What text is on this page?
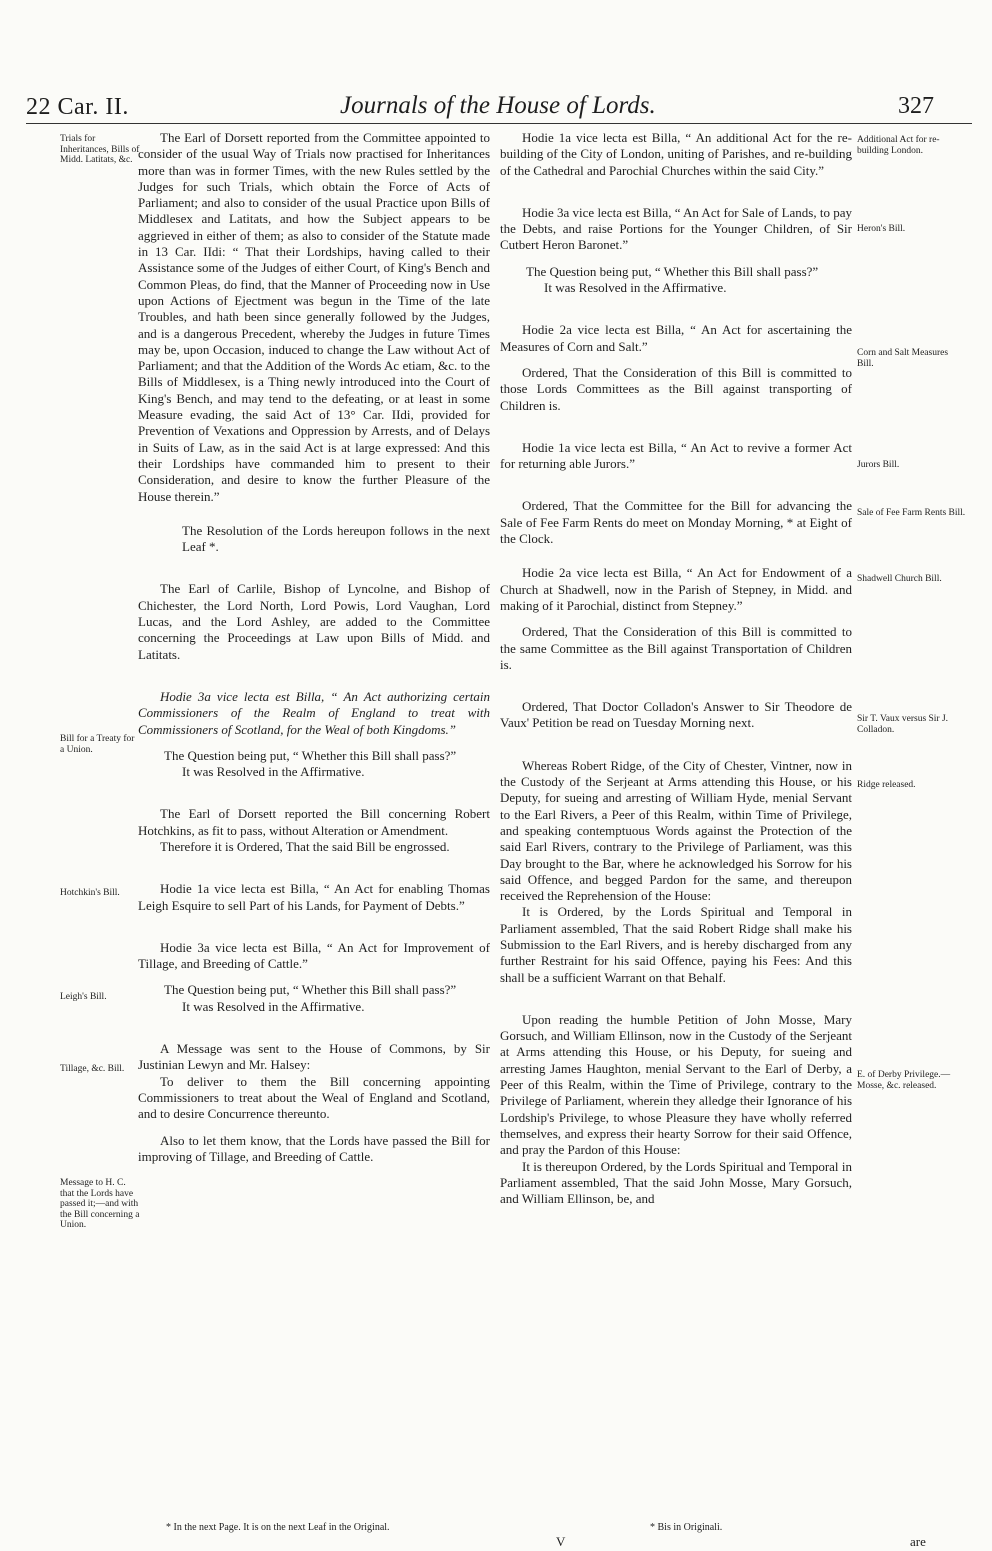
22 Car. II.	Journals of the House of Lords.	327

The Earl of Dorsett reported from the Committee appointed to consider of the usual Way of Trials now practised for Inheritances more than was in former Times, with the new Rules settled by the Judges for such Trials, which obtain the Force of Acts of Parliament; and also to consider of the usual Practice upon Bills of Middlesex and Latitats, and how the Subject appears to be aggrieved in either of them; as also to consider of the Statute made in 13 Car. IIdi: “ That their Lordships, having called to their Assistance some of the Judges of either Court, of King's Bench and Common Pleas, do find, that the Manner of Proceeding now in Use upon Actions of Ejectment was begun in the Time of the late Troubles, and hath been since generally followed by the Judges, and is a dangerous Precedent, whereby the Judges in future Times may be, upon Occasion, induced to change the Law without Act of Parliament; and that the Addition of the Words Ac etiam, &c. to the Bills of Middlesex, is a Thing newly introduced into the Court of King's Bench, and may tend to the defeating, or at least in some Measure evading, the said Act of 13° Car. IIdi, provided for Prevention of Vexations and Oppression by Arrests, and of Delays in Suits of Law, as in the said Act is at large expressed: And this their Lordships have commanded him to present to their Consideration, and desire to know the further Pleasure of the House therein.”

The Resolution of the Lords hereupon follows in the next Leaf *.

The Earl of Carlile, Bishop of Lyncolne, and Bishop of Chichester, the Lord North, Lord Powis, Lord Vaughan, Lord Lucas, and the Lord Ashley, are added to the Committee concerning the Proceedings at Law upon Bills of Midd. and Latitats.

Hodie 3a vice lecta est Billa, “ An Act authorizing certain Commissioners of the Realm of England to treat with Commissioners of Scotland, for the Weal of both Kingdoms.”

The Question being put, “ Whether this Bill shall pass?”

It was Resolved in the Affirmative.

The Earl of Dorsett reported the Bill concerning Robert Hotchkins, as fit to pass, without Alteration or Amendment.

Therefore it is Ordered, That the said Bill be engrossed.

Hodie 1a vice lecta est Billa, “ An Act for enabling Thomas Leigh Esquire to sell Part of his Lands, for Payment of Debts.”

Hodie 3a vice lecta est Billa, “ An Act for Improvement of Tillage, and Breeding of Cattle.”

The Question being put, “ Whether this Bill shall pass?”

It was Resolved in the Affirmative.

A Message was sent to the House of Commons, by Sir Justinian Lewyn and Mr. Halsey:

To deliver to them the Bill concerning appointing Commissioners to treat about the Weal of England and Scotland, and to desire Concurrence thereunto.

Also to let them know, that the Lords have passed the Bill for improving of Tillage, and Breeding of Cattle.

Hodie 1a vice lecta est Billa, “ An additional Act for the re-building of the City of London, uniting of Parishes, and re-building of the Cathedral and Parochial Churches within the said City.”

Hodie 3a vice lecta est Billa, “ An Act for Sale of Lands, to pay the Debts, and raise Portions for the Younger Children, of Sir Cutbert Heron Baronet.”

The Question being put, “ Whether this Bill shall pass?”

It was Resolved in the Affirmative.

Hodie 2a vice lecta est Billa, “ An Act for ascertaining the Measures of Corn and Salt.”

Ordered, That the Consideration of this Bill is committed to those Lords Committees as the Bill against transporting of Children is.

Hodie 1a vice lecta est Billa, “ An Act to revive a former Act for returning able Jurors.”

Ordered, That the Committee for the Bill for advancing the Sale of Fee Farm Rents do meet on Monday Morning, * at Eight of the Clock.

Hodie 2a vice lecta est Billa, “ An Act for Endowment of a Church at Shadwell, now in the Parish of Stepney, in Midd. and making of it Parochial, distinct from Stepney.”

Ordered, That the Consideration of this Bill is committed to the same Committee as the Bill against Transportation of Children is.

Ordered, That Doctor Colladon's Answer to Sir Theodore de Vaux' Petition be read on Tuesday Morning next.

Whereas Robert Ridge, of the City of Chester, Vintner, now in the Custody of the Serjeant at Arms attending this House, or his Deputy, for sueing and arresting of William Hyde, menial Servant to the Earl Rivers, a Peer of this Realm, within Time of Privilege, and speaking contemptuous Words against the Protection of the said Earl Rivers, contrary to the Privilege of Parliament, was this Day brought to the Bar, where he acknowledged his Sorrow for his said Offence, and begged Pardon for the same, and thereupon received the Reprehension of the House:

It is Ordered, by the Lords Spiritual and Temporal in Parliament assembled, That the said Robert Ridge shall make his Submission to the Earl Rivers, and is hereby discharged from any further Restraint for his said Offence, paying his Fees: And this shall be a sufficient Warrant on that Behalf.

Upon reading the humble Petition of John Mosse, Mary Gorsuch, and William Ellinson, now in the Custody of the Serjeant at Arms attending this House, or his Deputy, for sueing and arresting James Haughton, menial Servant to the Earl of Derby, a Peer of this Realm, within the Time of Privilege, contrary to the Privilege of Parliament, wherein they alledge their Ignorance of his Lordship's Privilege, to whose Pleasure they have wholly referred themselves, and express their hearty Sorrow for their said Offence, and pray the Pardon of this House:

It is thereupon Ordered, by the Lords Spiritual and Temporal in Parliament assembled, That the said John Mosse, Mary Gorsuch, and William Ellinson, be, and

* In the next Page. It is on the next Leaf in the Original.	* Bis in Originali.
V	are
Trials for Inheritances, Bills of Midd. Latitats, &c.
Bill for a Treaty for a Union.
Hotchkin's Bill.
Leigh's Bill.
Tillage, &c. Bill.
Message to H. C. that the Lords have passed it;—and with the Bill concerning a Union.
Additional Act for re-building London.
Heron's Bill.
Corn and Salt Measures Bill.
Jurors Bill.
Sale of Fee Farm Rents Bill.
Shadwell Church Bill.
Sir T. Vaux versus Sir J. Colladon.
Ridge released.
E. of Derby Privilege.—Mosse, &c. released.
